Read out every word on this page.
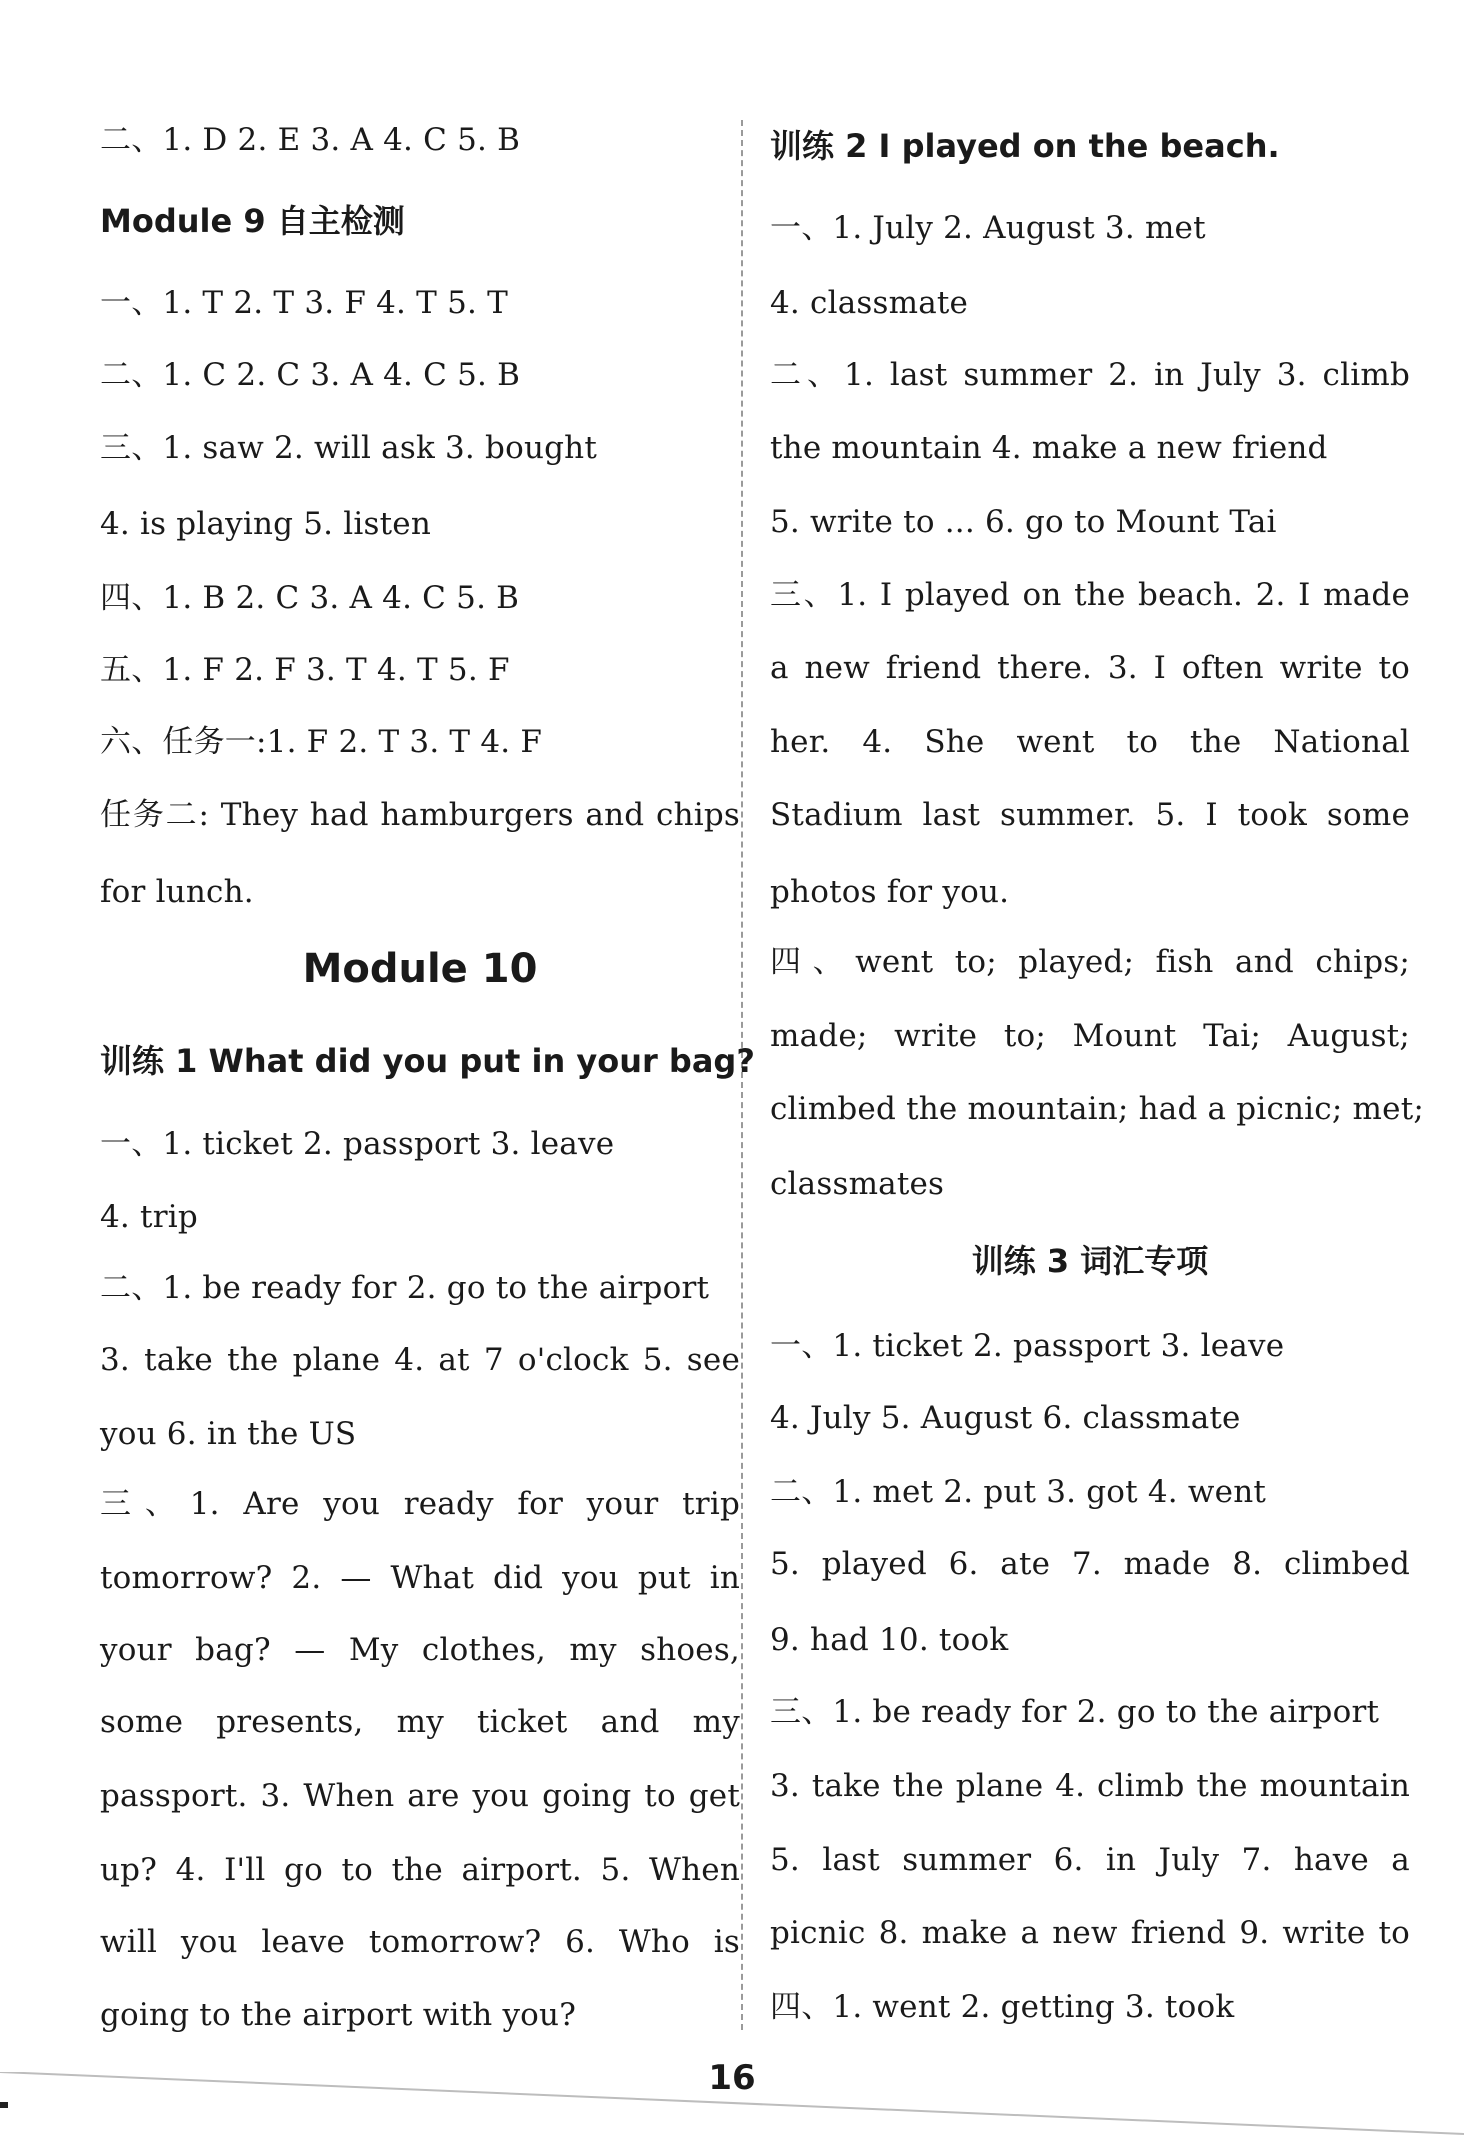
二、1. D 2. E 3. A 4. C 5. B
Module 9 自主检测
一、1. T 2. T 3. F 4. T 5. T
二、1. C 2. C 3. A 4. C 5. B
三、1. saw 2. will ask 3. bought
4. is playing 5. listen
四、1. B 2. C 3. A 4. C 5. B
五、1. F 2. F 3. T 4. T 5. F
六、任务一:1. F 2. T 3. T 4. F
任务二: They had hamburgers and chips
for lunch.
Module 10
训练 1 What did you put in your bag?
一、1. ticket 2. passport 3. leave
4. trip
二、1. be ready for 2. go to the airport
3. take the plane 4. at 7 o'clock 5. see
you 6. in the US
三、1. Are you ready for your trip
tomorrow? 2. — What did you put in
your bag? — My clothes, my shoes,
some presents, my ticket and my
passport. 3. When are you going to get
up? 4. I'll go to the airport. 5. When
will you leave tomorrow? 6. Who is
going to the airport with you?
训练 2 I played on the beach.
一、1. July 2. August 3. met
4. classmate
二、1. last summer 2. in July 3. climb
the mountain 4. make a new friend
5. write to ... 6. go to Mount Tai
三、1. I played on the beach. 2. I made
a new friend there. 3. I often write to
her. 4. She went to the National
Stadium last summer. 5. I took some
photos for you.
四、went to; played; fish and chips;
made; write to; Mount Tai; August;
climbed the mountain; had a picnic; met;
classmates
训练 3 词汇专项
一、1. ticket 2. passport 3. leave
4. July 5. August 6. classmate
二、1. met 2. put 3. got 4. went
5. played 6. ate 7. made 8. climbed
9. had 10. took
三、1. be ready for 2. go to the airport
3. take the plane 4. climb the mountain
5. last summer 6. in July 7. have a
picnic 8. make a new friend 9. write to
四、1. went 2. getting 3. took
16
